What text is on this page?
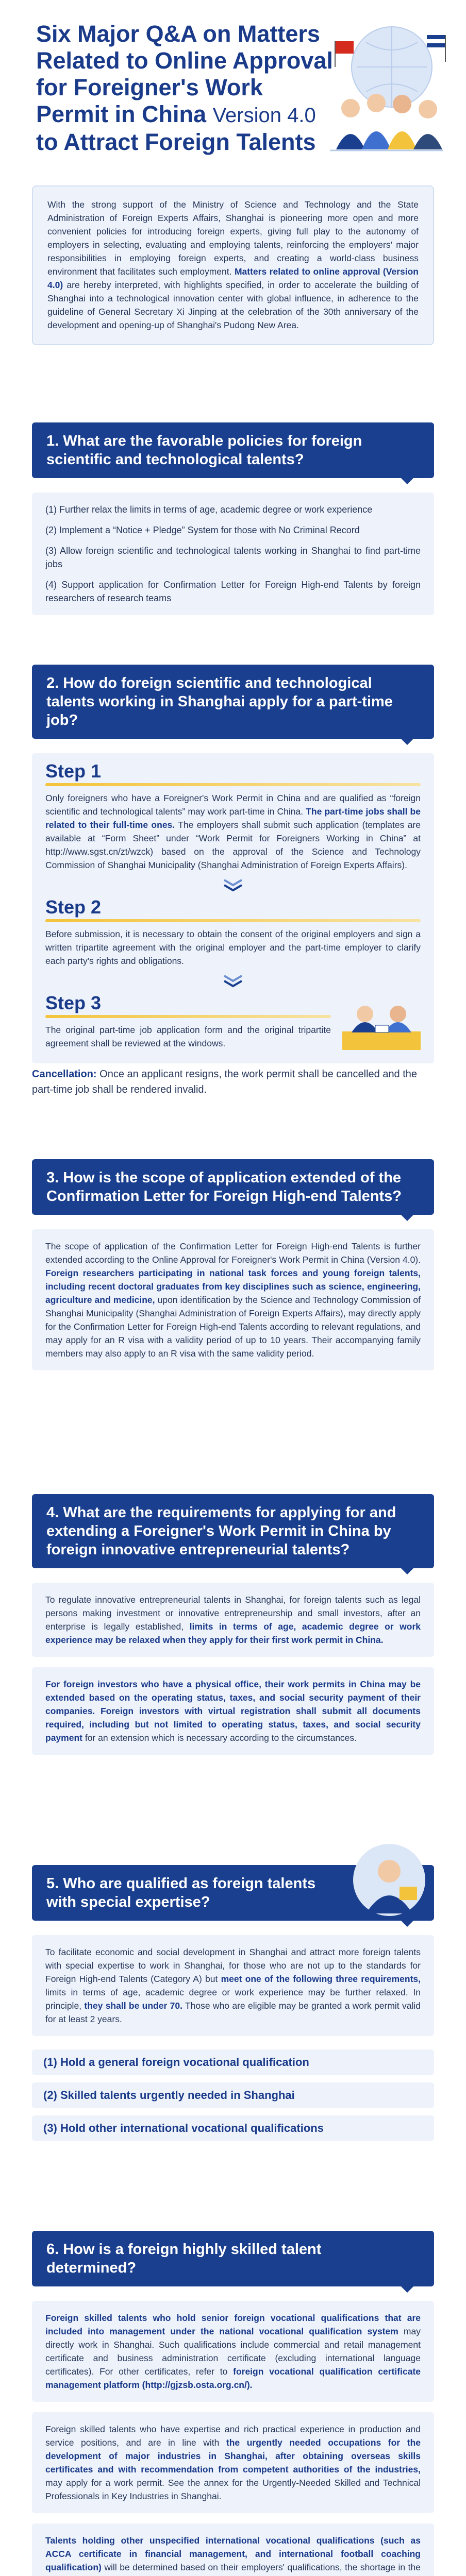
Six Major Q&A on Matters
Related to Online Approval
for Foreigner's Work
Permit in China Version 4.0
to Attract Foreign Talents
With the strong support of the Ministry of Science and Technology and the State Administration of Foreign Experts Affairs, Shanghai is pioneering more open and more convenient policies for introducing foreign experts, giving full play to the autonomy of employers in selecting, evaluating and employing talents, reinforcing the employers' major responsibilities in employing foreign experts, and creating a world-class business environment that facilitates such employment. Matters related to online approval (Version 4.0) are hereby interpreted, with highlights specified, in order to accelerate the building of Shanghai into a technological innovation center with global influence, in adherence to the guideline of General Secretary Xi Jinping at the celebration of the 30th anniversary of the development and opening-up of Shanghai's Pudong New Area.
1. What are the favorable policies for foreign scientific and technological talents?

(1) Further relax the limits in terms of age, academic degree or work experience

(2) Implement a “Notice + Pledge” System for those with No Criminal Record

(3) Allow foreign scientific and technological talents working in Shanghai to find part-time jobs

(4) Support application for Confirmation Letter for Foreign High-end Talents by foreign researchers of research teams

2. How do foreign scientific and technological talents working in Shanghai apply for a part-time job?
Step 1
Only foreigners who have a Foreigner's Work Permit in China and are qualified as “foreign scientific and technological talents” may work part-time in China. The part-time jobs shall be related to their full-time ones. The employers shall submit such application (templates are available at “Form Sheet” under “Work Permit for Foreigners Working in China” at http://www.sgst.cn/zt/wzck) based on the approval of the Science and Technology Commission of Shanghai Municipality (Shanghai Administration of Foreign Experts Affairs).
Step 2
Before submission, it is necessary to obtain the consent of the original employers and sign a written tripartite agreement with the original employer and the part-time employer to clarify each party's rights and obligations.
Step 3
The original part-time job application form and the original tripartite agreement shall be reviewed at the windows.
Cancellation: Once an applicant resigns, the work permit shall be cancelled and the part-time job shall be rendered invalid.
3. How is the scope of application extended of the Confirmation Letter for Foreign High-end Talents?
The scope of application of the Confirmation Letter for Foreign High-end Talents is further extended according to the Online Approval for Foreigner's Work Permit in China (Version 4.0). Foreign researchers participating in national task forces and young foreign talents, including recent doctoral graduates from key disciplines such as science, engineering, agriculture and medicine, upon identification by the Science and Technology Commission of Shanghai Municipality (Shanghai Administration of Foreign Experts Affairs), may directly apply for the Confirmation Letter for Foreign High-end Talents according to relevant regulations, and may apply for an R visa with a validity period of up to 10 years. Their accompanying family members may also apply to an R visa with the same validity period.
4. What are the requirements for applying for and extending a Foreigner's Work Permit in China by foreign innovative entrepreneurial talents?
To regulate innovative entrepreneurial talents in Shanghai, for foreign talents such as legal persons making investment or innovative entrepreneurship and small investors, after an enterprise is legally established, limits in terms of age, academic degree or work experience may be relaxed when they apply for their first work permit in China.
For foreign investors who have a physical office, their work permits in China may be extended based on the operating status, taxes, and social security payment of their companies. Foreign investors with virtual registration shall submit all documents required, including but not limited to operating status, taxes, and social security payment for an extension which is necessary according to the circumstances.
5. Who are qualified as foreign talents with special expertise?
To facilitate economic and social development in Shanghai and attract more foreign talents with special expertise to work in Shanghai, for those who are not up to the standards for Foreign High-end Talents (Category A) but meet one of the following three requirements, limits in terms of age, academic degree or work experience may be further relaxed. In principle, they shall be under 70. Those who are eligible may be granted a work permit valid for at least 2 years.
(1) Hold a general foreign vocational qualification
(2) Skilled talents urgently needed in Shanghai
(3) Hold other international vocational qualifications
6. How is a foreign highly skilled talent determined?
Foreign skilled talents who hold senior foreign vocational qualifications that are included into management under the national vocational qualification system may directly work in Shanghai. Such qualifications include commercial and retail management certificate and business administration certificate (excluding international language certificates). For other certificates, refer to foreign vocational qualification certificate management platform (http://gjzsb.osta.org.cn/).
Foreign skilled talents who have expertise and rich practical experience in production and service positions, and are in line with the urgently needed occupations for the development of major industries in Shanghai, after obtaining overseas skills certificates and with recommendation from competent authorities of the industries, may apply for a work permit. See the annex for the Urgently-Needed Skilled and Technical Professionals in Key Industries in Shanghai.
Talents holding other unspecified international vocational qualifications (such as ACCA certificate in financial management, and international football coaching qualification) will be determined based on their employers' qualifications, the shortage in the
